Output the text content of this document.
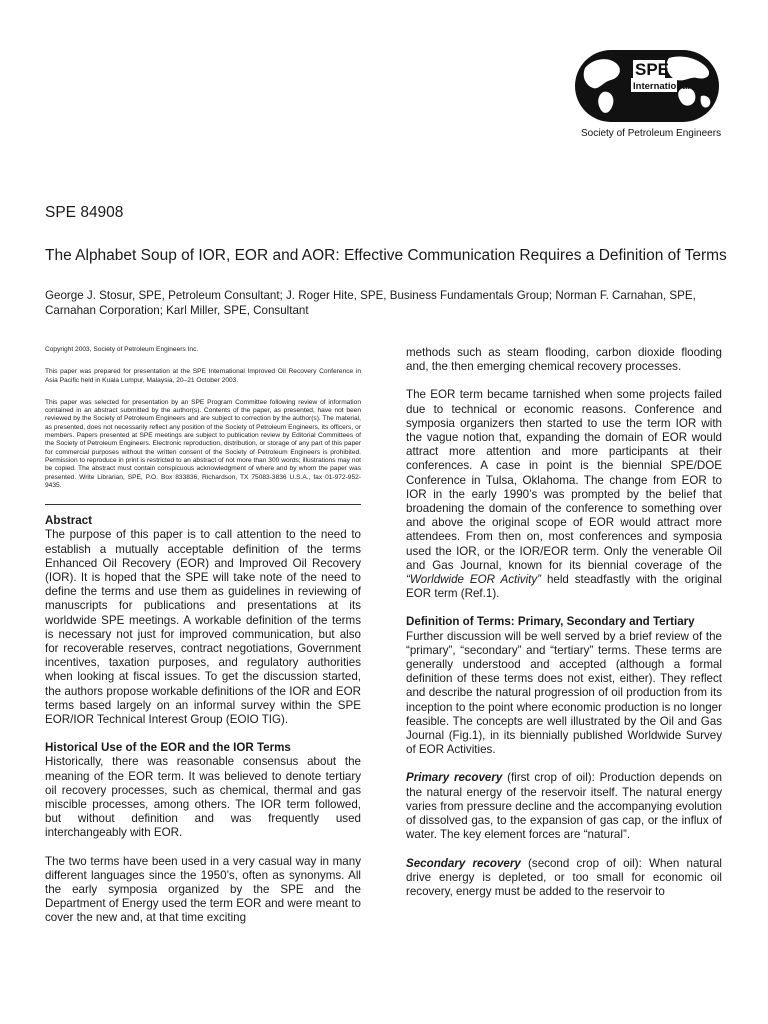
SPE
International
Society of Petroleum Engineers
SPE 84908
The Alphabet Soup of IOR, EOR and AOR: Effective Communication Requires a Definition of Terms

George J. Stosur, SPE, Petroleum Consultant; J. Roger Hite, SPE, Business Fundamentals Group; Norman F. Carnahan, SPE, Carnahan Corporation; Karl Miller, SPE, Consultant

Copyright 2003, Society of Petroleum Engineers Inc.

This paper was prepared for presentation at the SPE International Improved Oil Recovery Conference in Asia Pacific held in Kuala Lumpur, Malaysia, 20–21 October 2003.

This paper was selected for presentation by an SPE Program Committee following review of information contained in an abstract submitted by the author(s). Contents of the paper, as presented, have not been reviewed by the Society of Petroleum Engineers and are subject to correction by the author(s). The material, as presented, does not necessarily reflect any position of the Society of Petroleum Engineers, its officers, or members. Papers presented at SPE meetings are subject to publication review by Editorial Committees of the Society of Petroleum Engineers. Electronic reproduction, distribution, or storage of any part of this paper for commercial purposes without the written consent of the Society of Petroleum Engineers is prohibited. Permission to reproduce in print is restricted to an abstract of not more than 300 words; illustrations may not be copied. The abstract must contain conspicuous acknowledgment of where and by whom the paper was presented. Write Librarian, SPE, P.O. Box 833836, Richardson, TX 75083-3836 U.S.A., fax 01-972-952-9435.

Abstract

The purpose of this paper is to call attention to the need to establish a mutually acceptable definition of the terms Enhanced Oil Recovery (EOR) and Improved Oil Recovery (IOR). It is hoped that the SPE will take note of the need to define the terms and use them as guidelines in reviewing of manuscripts for publications and presentations at its worldwide SPE meetings. A workable definition of the terms is necessary not just for improved communication, but also for recoverable reserves, contract negotiations, Government incentives, taxation purposes, and regulatory authorities when looking at fiscal issues. To get the discussion started, the authors propose workable definitions of the IOR and EOR terms based largely on an informal survey within the SPE EOR/IOR Technical Interest Group (EOIO TIG).

Historical Use of the EOR and the IOR Terms

Historically, there was reasonable consensus about the meaning of the EOR term. It was believed to denote tertiary oil recovery processes, such as chemical, thermal and gas miscible processes, among others. The IOR term followed, but without definition and was frequently used interchangeably with EOR.

The two terms have been used in a very casual way in many different languages since the 1950’s, often as synonyms. All the early symposia organized by the SPE and the Department of Energy used the term EOR and were meant to cover the new and, at that time exciting

methods such as steam flooding, carbon dioxide flooding and, the then emerging chemical recovery processes.

The EOR term became tarnished when some projects failed due to technical or economic reasons. Conference and symposia organizers then started to use the term IOR with the vague notion that, expanding the domain of EOR would attract more attention and more participants at their conferences. A case in point is the biennial SPE/DOE Conference in Tulsa, Oklahoma. The change from EOR to IOR in the early 1990’s was prompted by the belief that broadening the domain of the conference to something over and above the original scope of EOR would attract more attendees. From then on, most conferences and symposia used the IOR, or the IOR/EOR term. Only the venerable Oil and Gas Journal, known for its biennial coverage of the “Worldwide EOR Activity” held steadfastly with the original EOR term (Ref.1).

Definition of Terms: Primary, Secondary and Tertiary

Further discussion will be well served by a brief review of the “primary”, “secondary” and “tertiary” terms. These terms are generally understood and accepted (although a formal definition of these terms does not exist, either). They reflect and describe the natural progression of oil production from its inception to the point where economic production is no longer feasible. The concepts are well illustrated by the Oil and Gas Journal (Fig.1), in its biennially published Worldwide Survey of EOR Activities.

Primary recovery (first crop of oil): Production depends on the natural energy of the reservoir itself. The natural energy varies from pressure decline and the accompanying evolution of dissolved gas, to the expansion of gas cap, or the influx of water. The key element forces are “natural”.

Secondary recovery (second crop of oil): When natural drive energy is depleted, or too small for economic oil recovery, energy must be added to the reservoir to
